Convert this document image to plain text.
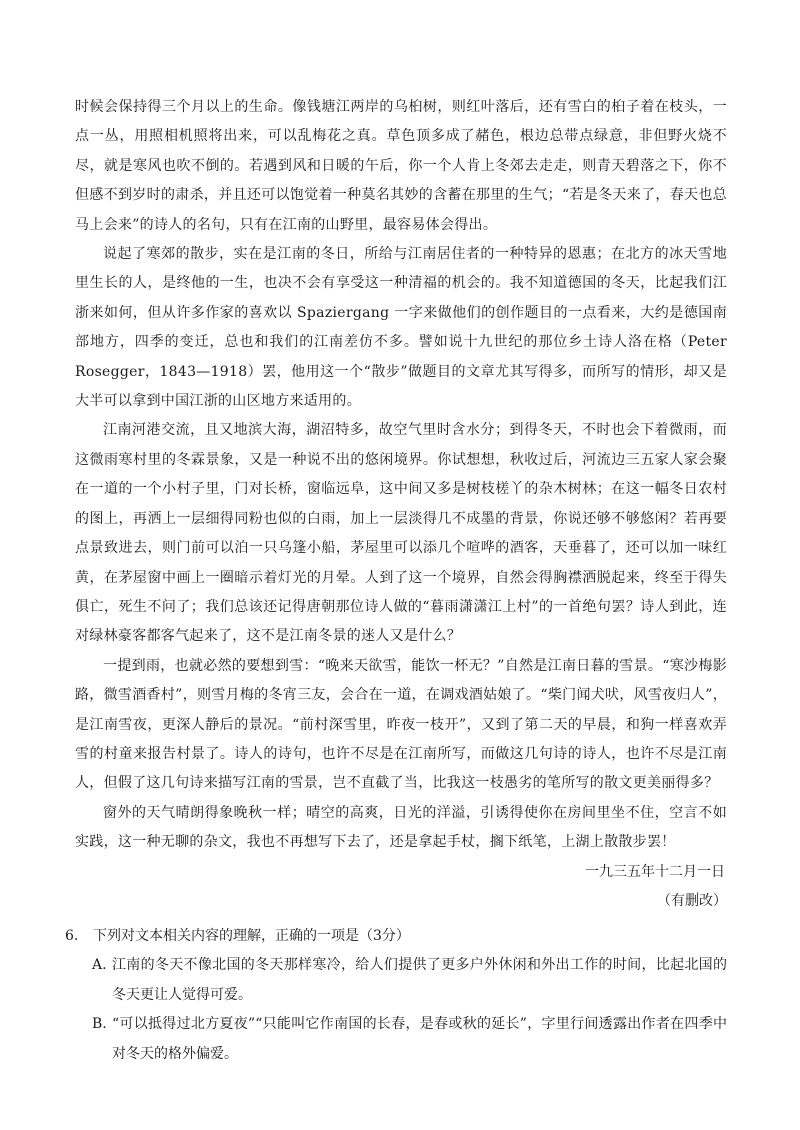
时候会保持得三个月以上的生命。像钱塘江两岸的乌桕树，则红叶落后，还有雪白的桕子着在枝头，一点一丛，用照相机照将出来，可以乱梅花之真。草色顶多成了赭色，根边总带点绿意，非但野火烧不尽，就是寒风也吹不倒的。若遇到风和日暖的午后，你一个人肯上冬郊去走走，则青天碧落之下，你不但感不到岁时的肃杀，并且还可以饱觉着一种莫名其妙的含蓄在那里的生气；“若是冬天来了，春天也总马上会来”的诗人的名句，只有在江南的山野里，最容易体会得出。

说起了寒郊的散步，实在是江南的冬日，所给与江南居住者的一种特异的恩惠；在北方的冰天雪地里生长的人，是终他的一生，也决不会有享受这一种清福的机会的。我不知道德国的冬天，比起我们江浙来如何，但从许多作家的喜欢以 Spaziergang 一字来做他们的创作题目的一点看来，大约是德国南部地方，四季的变迁，总也和我们的江南差仿不多。譬如说十九世纪的那位乡土诗人洛在格（Peter Rosegger，1843—1918）罢，他用这一个“散步”做题目的文章尤其写得多，而所写的情形，却又是大半可以拿到中国江浙的山区地方来适用的。

江南河港交流，且又地滨大海，湖沼特多，故空气里时含水分；到得冬天，不时也会下着微雨，而这微雨寒村里的冬霖景象，又是一种说不出的悠闲境界。你试想想，秋收过后，河流边三五家人家会聚在一道的一个小村子里，门对长桥，窗临远阜，这中间又多是树枝槎丫的杂木树林；在这一幅冬日农村的图上，再洒上一层细得同粉也似的白雨，加上一层淡得几不成墨的背景，你说还够不够悠闲？若再要点景致进去，则门前可以泊一只乌篷小船，茅屋里可以添几个喧哗的酒客，天垂暮了，还可以加一味红黄，在茅屋窗中画上一圈暗示着灯光的月晕。人到了这一个境界，自然会得胸襟洒脱起来，终至于得失俱亡，死生不问了；我们总该还记得唐朝那位诗人做的“暮雨潇潇江上村”的一首绝句罢？诗人到此，连对绿林豪客都客气起来了，这不是江南冬景的迷人又是什么？

一提到雨，也就必然的要想到雪：“晚来天欲雪，能饮一杯无？”自然是江南日暮的雪景。“寒沙梅影路，微雪酒香村”，则雪月梅的冬宵三友，会合在一道，在调戏酒姑娘了。“柴门闻犬吠，风雪夜归人”，是江南雪夜，更深人静后的景况。“前村深雪里，昨夜一枝开”，又到了第二天的早晨，和狗一样喜欢弄雪的村童来报告村景了。诗人的诗句，也许不尽是在江南所写，而做这几句诗的诗人，也许不尽是江南人，但假了这几句诗来描写江南的雪景，岂不直截了当，比我这一枝愚劣的笔所写的散文更美丽得多？

窗外的天气晴朗得象晚秋一样；晴空的高爽，日光的洋溢，引诱得使你在房间里坐不住，空言不如实践，这一种无聊的杂文，我也不再想写下去了，还是拿起手杖，搁下纸笔，上湖上散散步罢！

一九三五年十二月一日

（有删改）

6.	下列对文本相关内容的理解，正确的一项是（3分）
A. 江南的冬天不像北国的冬天那样寒冷，给人们提供了更多户外休闲和外出工作的时间，比起北国的冬天更让人觉得可爱。
B. “可以抵得过北方夏夜”“只能叫它作南国的长春，是春或秋的延长”，字里行间透露出作者在四季中对冬天的格外偏爱。
